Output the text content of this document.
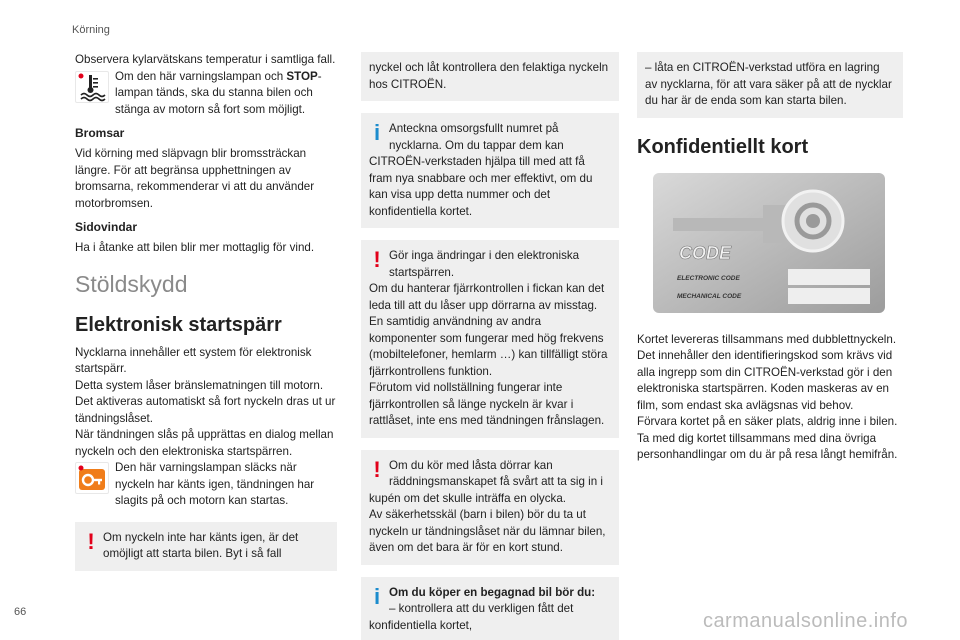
Körning
66	carmanualsonline.info

Observera kylarvätskans temperatur i samtliga fall.

Om den här varningslampan och STOP-lampan tänds, ska du stanna bilen och stänga av motorn så fort som möjligt.

Bromsar

Vid körning med släpvagn blir bromssträckan längre. För att begränsa upphettningen av bromsarna, rekommenderar vi att du använder motorbromsen.

Sidovindar

Ha i åtanke att bilen blir mer mottaglig för vind.

Stöldskydd
Elektronisk startspärr

Nycklarna innehåller ett system för elektronisk startspärr.

Detta system låser bränslematningen till motorn. Det aktiveras automatiskt så fort nyckeln dras ut ur tändningslåset.

När tändningen slås på upprättas en dialog mellan nyckeln och den elektroniska startspärren.

Den här varningslampan släcks när nyckeln har känts igen, tändningen har slagits på och motorn kan startas.

! Om nyckeln inte har känts igen, är det omöjligt att starta bilen. Byt i så fall

nyckel och låt kontrollera den felaktiga nyckeln hos CITROËN.

i Anteckna omsorgsfullt numret på nycklarna. Om du tappar dem kan CITROËN-verkstaden hjälpa till med att få fram nya snabbare och mer effektivt, om du kan visa upp detta nummer och det konfidentiella kortet.

! Gör inga ändringar i den elektroniska startspärren.

Om du hanterar fjärrkontrollen i fickan kan det leda till att du låser upp dörrarna av misstag.

En samtidig användning av andra komponenter som fungerar med hög frekvens (mobiltelefoner, hemlarm …) kan tillfälligt störa fjärrkontrollens funktion.

Förutom vid nollställning fungerar inte fjärrkontrollen så länge nyckeln är kvar i rattlåset, inte ens med tändningen frånslagen.

! Om du kör med låsta dörrar kan räddningsmanskapet få svårt att ta sig in i kupén om det skulle inträffa en olycka.

Av säkerhetsskäl (barn i bilen) bör du ta ut nyckeln ur tändningslåset när du lämnar bilen, även om det bara är för en kort stund.

i Om du köper en begagnad bil bör du:

– kontrollera att du verkligen fått det konfidentiella kortet,

– låta en CITROËN-verkstad utföra en lagring av nycklarna, för att vara säker på att de nycklar du har är de enda som kan starta bilen.

Konfidentiellt kort
CODE
ELECTRONIC CODE
MECHANICAL CODE

Kortet levereras tillsammans med dubblettnyckeln.

Det innehåller den identifieringskod som krävs vid alla ingrepp som din CITROËN-verkstad gör i den elektroniska startspärren. Koden maskeras av en film, som endast ska avlägsnas vid behov.

Förvara kortet på en säker plats, aldrig inne i bilen.

Ta med dig kortet tillsammans med dina övriga personhandlingar om du är på resa långt hemifrån.
